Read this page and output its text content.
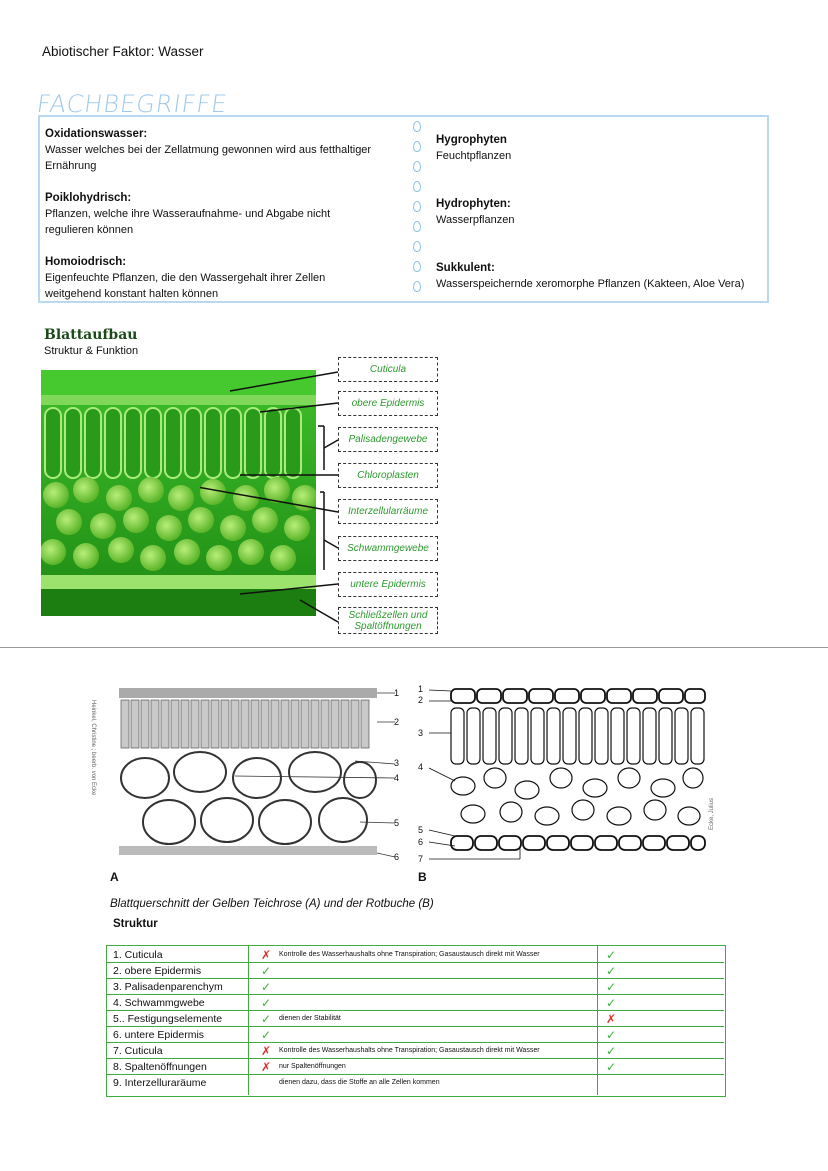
Abiotischer Faktor: Wasser
FACHBEGRIFFE
Oxidationswasser:
Wasser welches bei der Zellatmung gewonnen wird aus fetthaltiger
Ernährung
Poiklohydrisch:
Pflanzen, welche ihre Wasseraufnahme- und Abgabe nicht
regulieren können
Homoiodrisch:
Eigenfeuchte Pflanzen, die den Wassergehalt ihrer Zellen
weitgehend konstant halten können
Hygrophyten
Feuchtpflanzen
Hydrophyten:
Wasserpflanzen
Sukkulent:
Wasserspeichernde xeromorphe Pflanzen (Kakteen, Aloe Vera)
Blattaufbau
Struktur & Funktion
Cuticula
obere Epidermis
Palisadengewebe
Chloroplasten
Interzellularräume
Schwammgewebe
untere Epidermis
Schließzellen und
Spaltöffnungen
1
2
3
4
5
6
1
2
3
4
5
6
7
Heinkel, Christine ; beerb. von Ecke
Ecke, Julius
A	B
Blattquerschnitt der Gelben Teichrose (A) und der Rotbuche (B)
Struktur
1. Cuticula	✗ Kontrolle des Wasserhaushalts ohne Transpiration; Gasaustausch direkt mit Wasser	✓
2. obere Epidermis	✓	✓
3. Palisadenparenchym	✓	✓
4. Schwammgwebe	✓	✓
5.. Festigungselemente	✓ dienen der Stabilität	✗
6. untere Epidermis	✓	✓
7. Cuticula	✗ Kontrolle des Wasserhaushalts ohne Transpiration; Gasaustausch direkt mit Wasser	✓
8. Spaltenöffnungen	✗ nur Spaltenöffnungen	✓
9. Interzelluraräume	dienen dazu, dass die Stoffe an alle Zellen kommen
